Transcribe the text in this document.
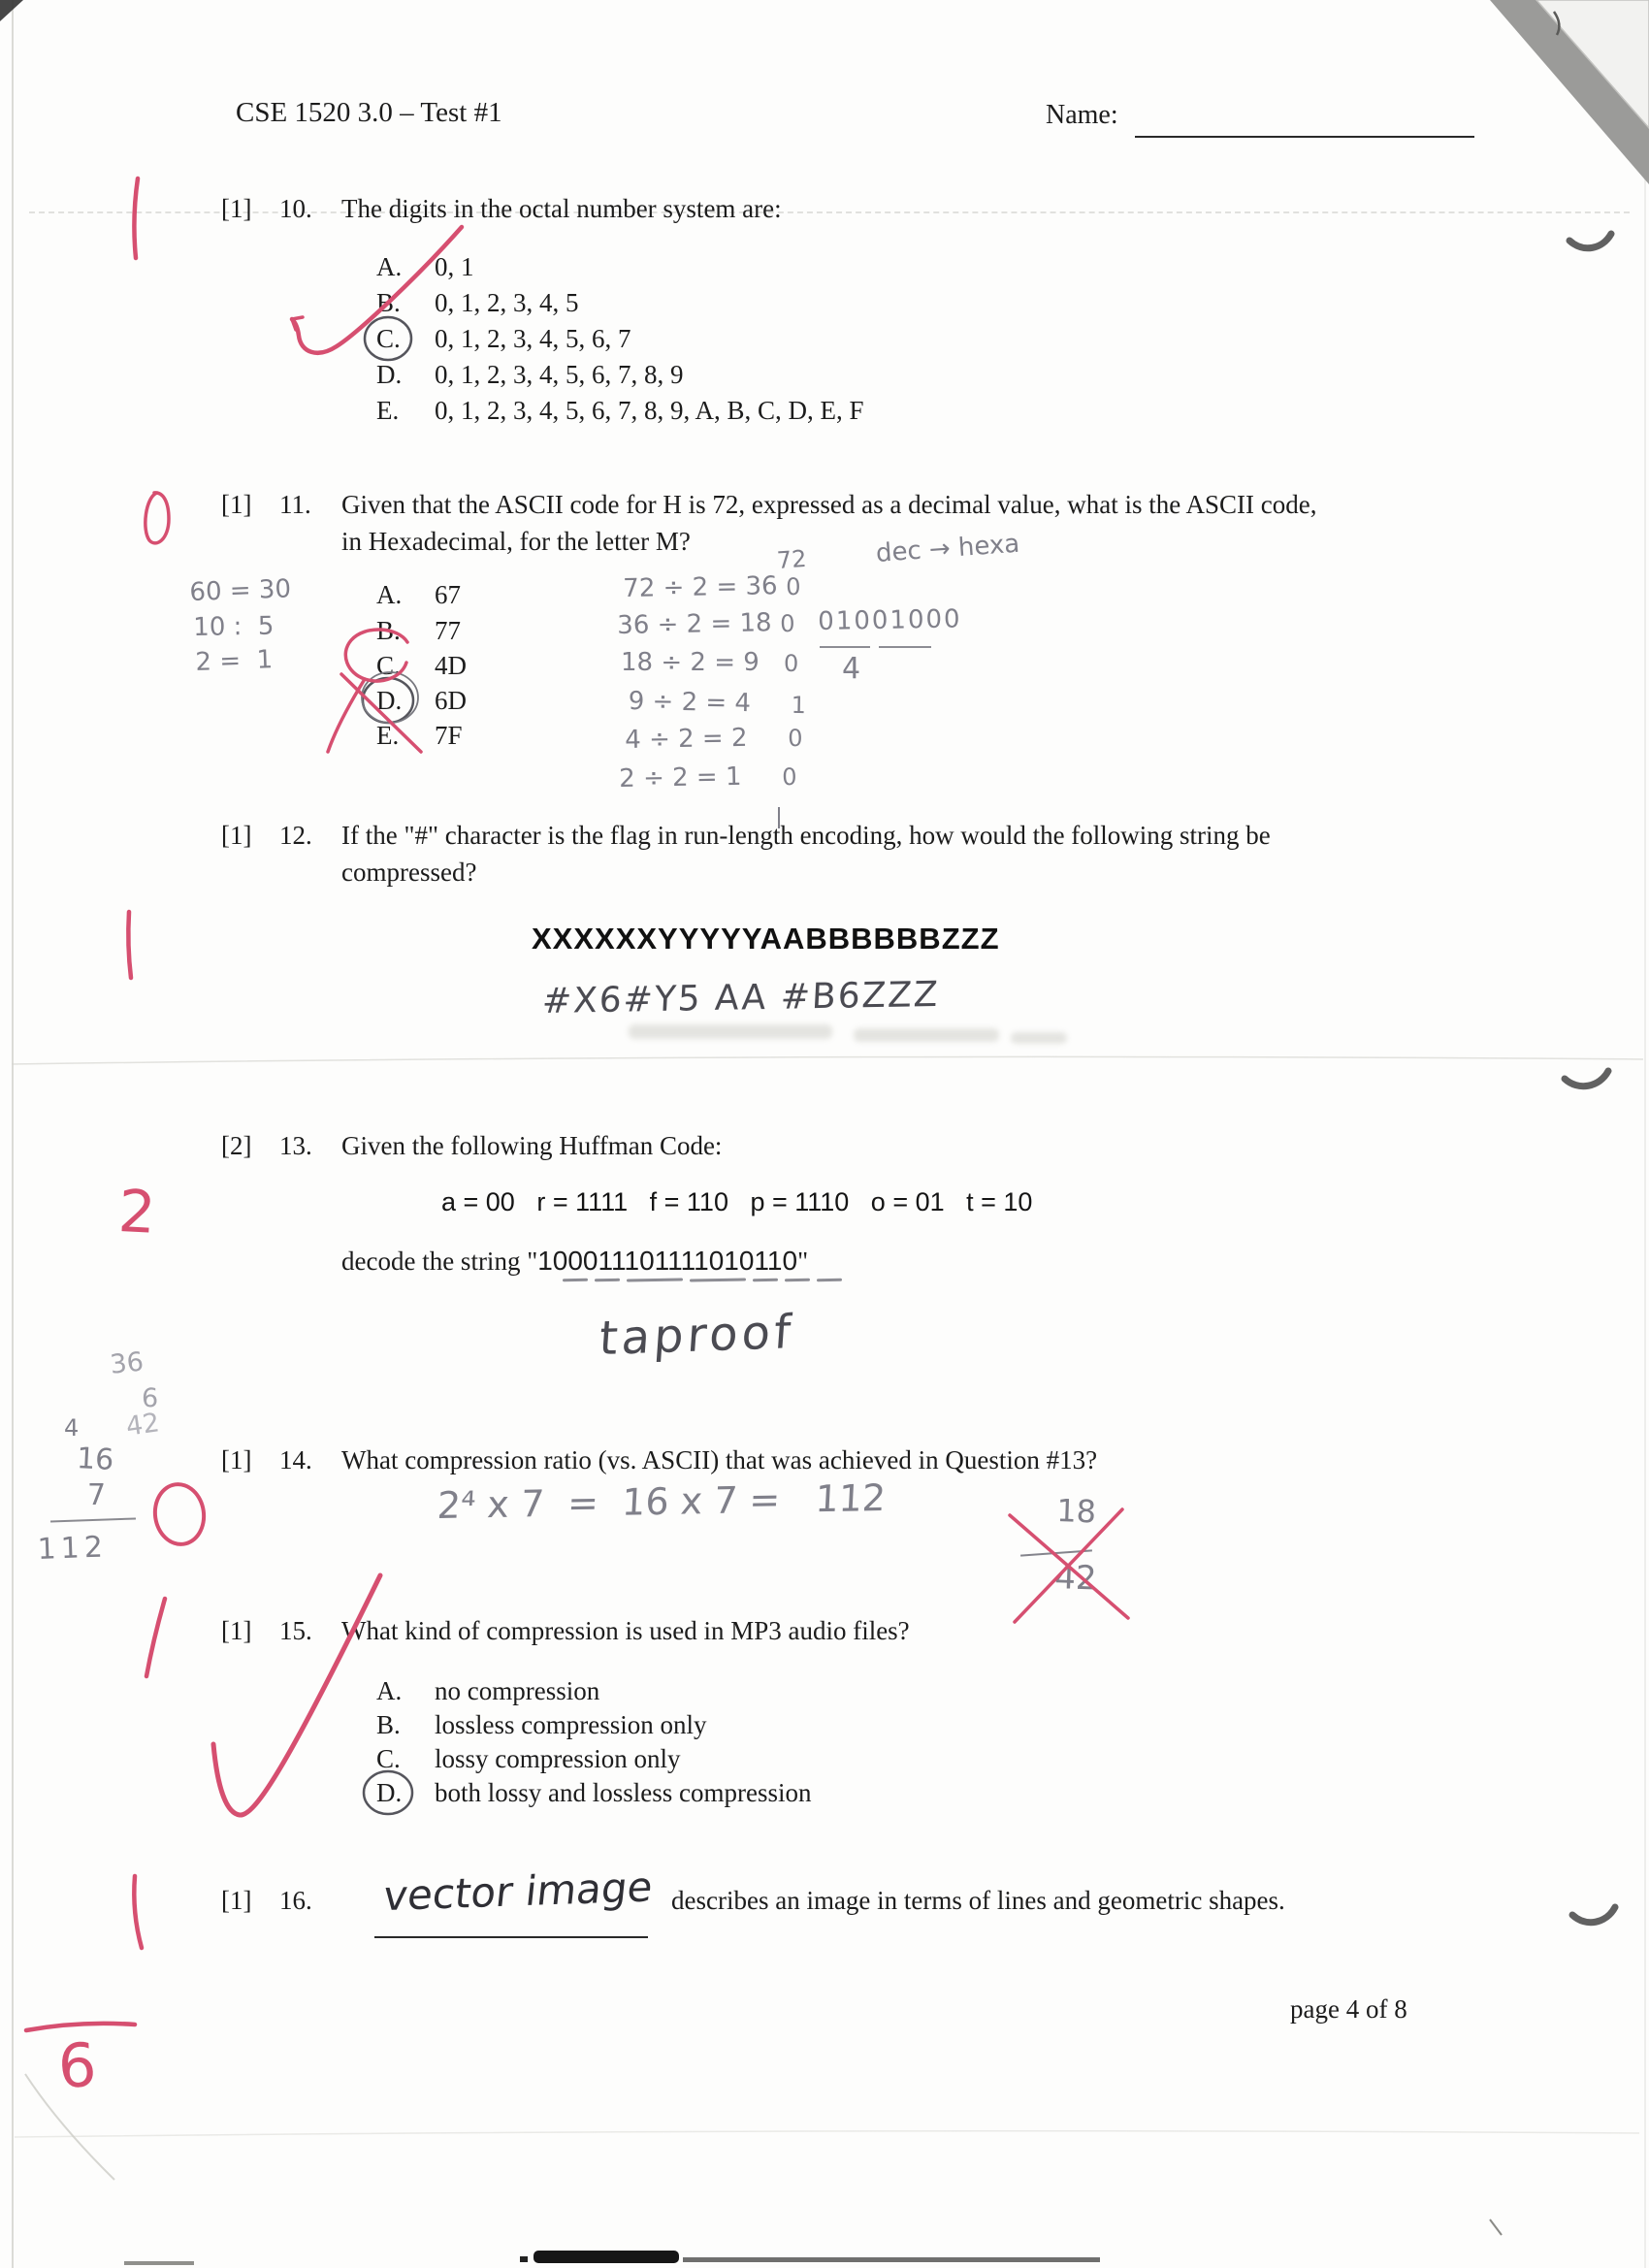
CSE 1520 3.0 – Test #1	Name:
[1] 10. The digits in the octal number system are:
A. 0, 1
B. 0, 1, 2, 3, 4, 5
C. 0, 1, 2, 3, 4, 5, 6, 7
D. 0, 1, 2, 3, 4, 5, 6, 7, 8, 9
E. 0, 1, 2, 3, 4, 5, 6, 7, 8, 9, A, B, C, D, E, F
[1] 11. Given that the ASCII code for H is 72, expressed as a decimal value, what is the ASCII code,
in Hexadecimal, for the letter M?
60 = 30
10 :  5
2 =  1
A. 67
B. 77
C. 4D
D. 6D
E. 7F
72	dec → hexa
72 ÷ 2 = 36 0
36 ÷ 2 = 18 0
18 ÷ 2 = 9 0
9 ÷ 2 = 4 1
4 ÷ 2 = 2 0
2 ÷ 2 = 1 0
01001000
4
[1] 12. If the "#" character is the flag in run-length encoding, how would the following string be
compressed?
XXXXXXYYYYYAABBBBBBZZZ
#X6#Y5 AA #B6ZZZ
[2] 13. Given the following Huffman Code:
2	a = 00   r = 1111   f = 110   p = 1110   o = 01   t = 10
decode the string "100011101111010110"
taproof
36
6
42
4
16
7
112
[1] 14. What compression ratio (vs. ASCII) that was achieved in Question #13?
2⁴ x 7  =  16 x 7 =   112	18
42
[1] 15. What kind of compression is used in MP3 audio files?
A. no compression
B. lossless compression only
C. lossy compression only
D. both lossy and lossless compression
[1] 16. vector image describes an image in terms of lines and geometric shapes.
page 4 of 8
6
